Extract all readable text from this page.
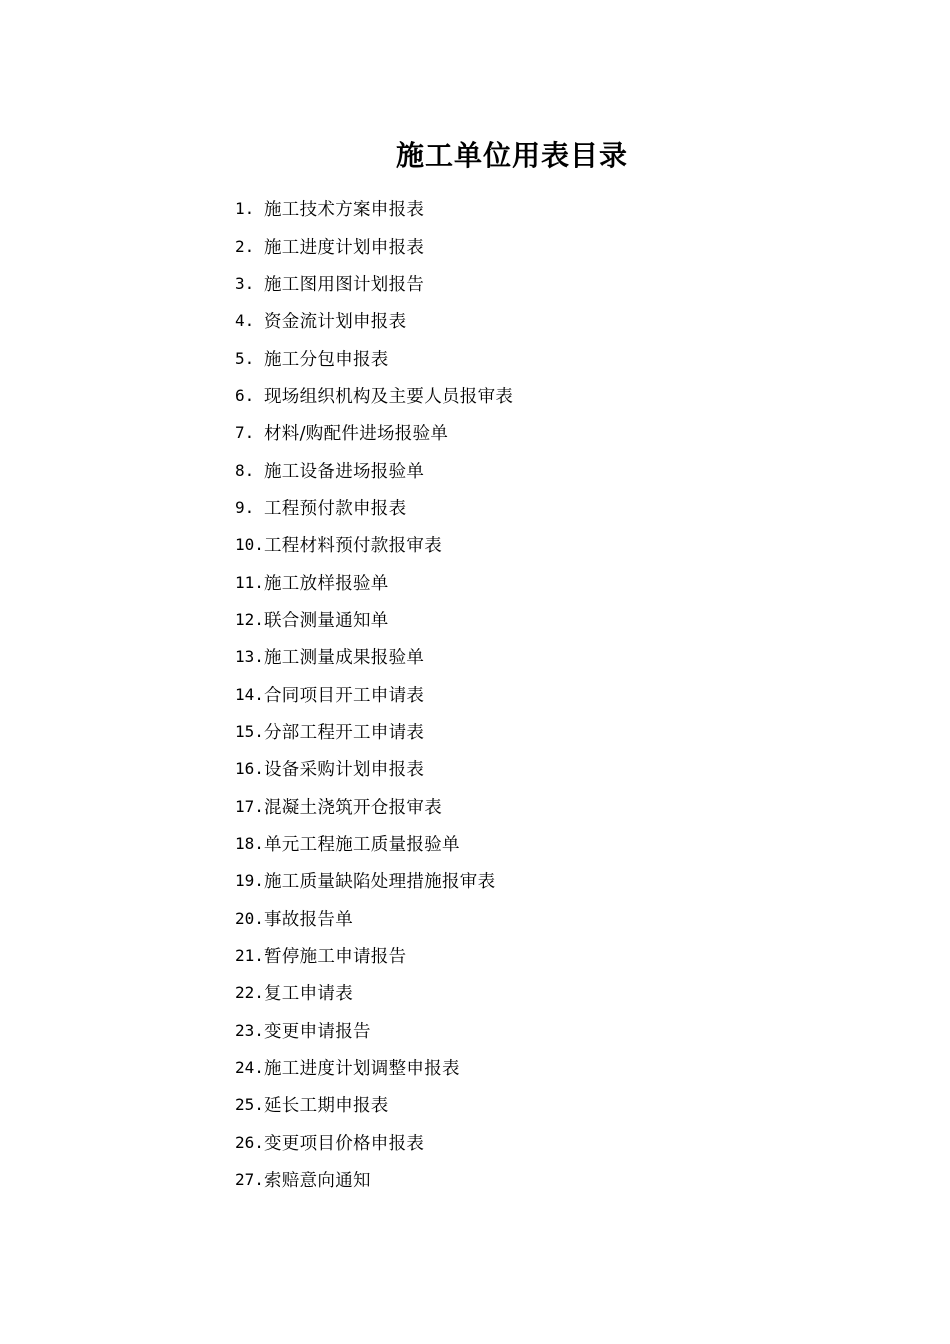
施工单位用表目录
1. 施工技术方案申报表
2. 施工进度计划申报表
3. 施工图用图计划报告
4. 资金流计划申报表
5. 施工分包申报表
6. 现场组织机构及主要人员报审表
7. 材料/购配件进场报验单
8. 施工设备进场报验单
9. 工程预付款申报表
10. 工程材料预付款报审表
11. 施工放样报验单
12. 联合测量通知单
13. 施工测量成果报验单
14. 合同项目开工申请表
15. 分部工程开工申请表
16. 设备采购计划申报表
17. 混凝土浇筑开仓报审表
18. 单元工程施工质量报验单
19. 施工质量缺陷处理措施报审表
20. 事故报告单
21. 暂停施工申请报告
22. 复工申请表
23. 变更申请报告
24. 施工进度计划调整申报表
25. 延长工期申报表
26. 变更项目价格申报表
27. 索赔意向通知
